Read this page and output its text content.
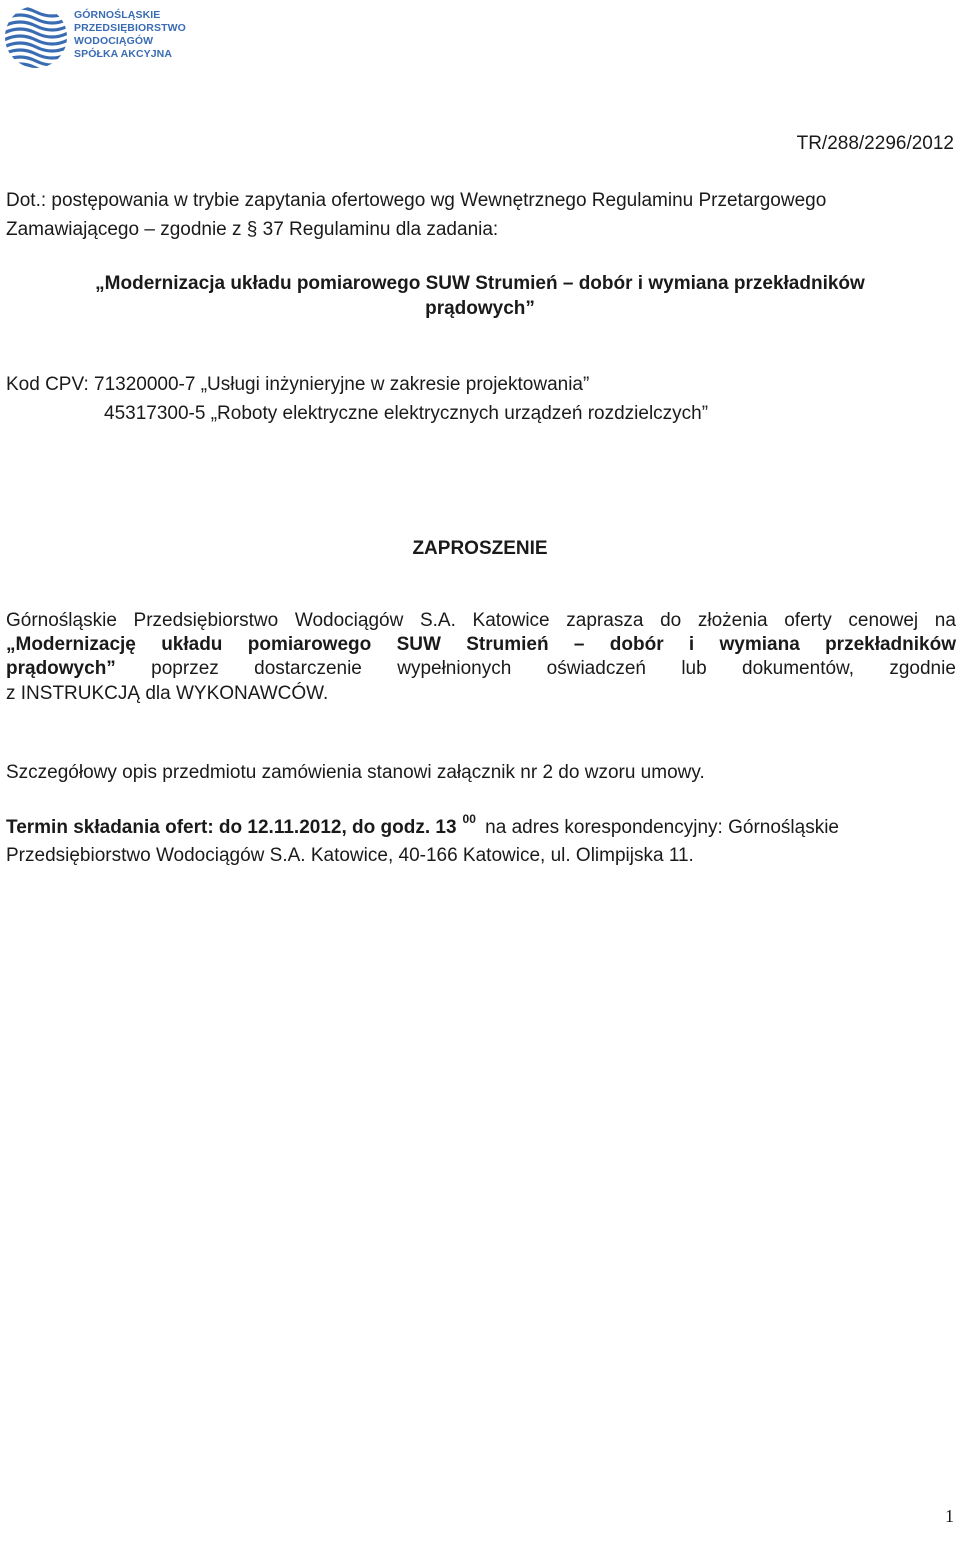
GÓRNOŚLĄSKIE
PRZEDSIĘBIORSTWO
WODOCIĄGÓW
SPÓŁKA AKCYJNA
TR/288/2296/2012
Dot.: postępowania w trybie zapytania ofertowego wg Wewnętrznego Regulaminu Przetargowego
Zamawiającego – zgodnie z § 37 Regulaminu dla zadania:
„Modernizacja układu pomiarowego SUW Strumień – dobór i wymiana przekładników
prądowych”
Kod CPV: 71320000-7 „Usługi inżynieryjne w zakresie projektowania”
45317300-5 „Roboty elektryczne elektrycznych urządzeń rozdzielczych”
ZAPROSZENIE
Górnośląskie Przedsiębiorstwo Wodociągów S.A. Katowice zaprasza do złożenia oferty cenowej na
„Modernizację układu pomiarowego SUW Strumień – dobór i wymiana przekładników
prądowych” poprzez dostarczenie wypełnionych oświadczeń lub dokumentów, zgodnie
z INSTRUKCJĄ dla WYKONAWCÓW.
Szczegółowy opis przedmiotu zamówienia stanowi załącznik nr 2 do wzoru umowy.
Termin składania ofert: do 12.11.2012, do godz. 13 $^{00}$ na adres korespondencyjny: Górnośląskie
Przedsiębiorstwo Wodociągów S.A. Katowice, 40-166 Katowice, ul. Olimpijska 11.
1
